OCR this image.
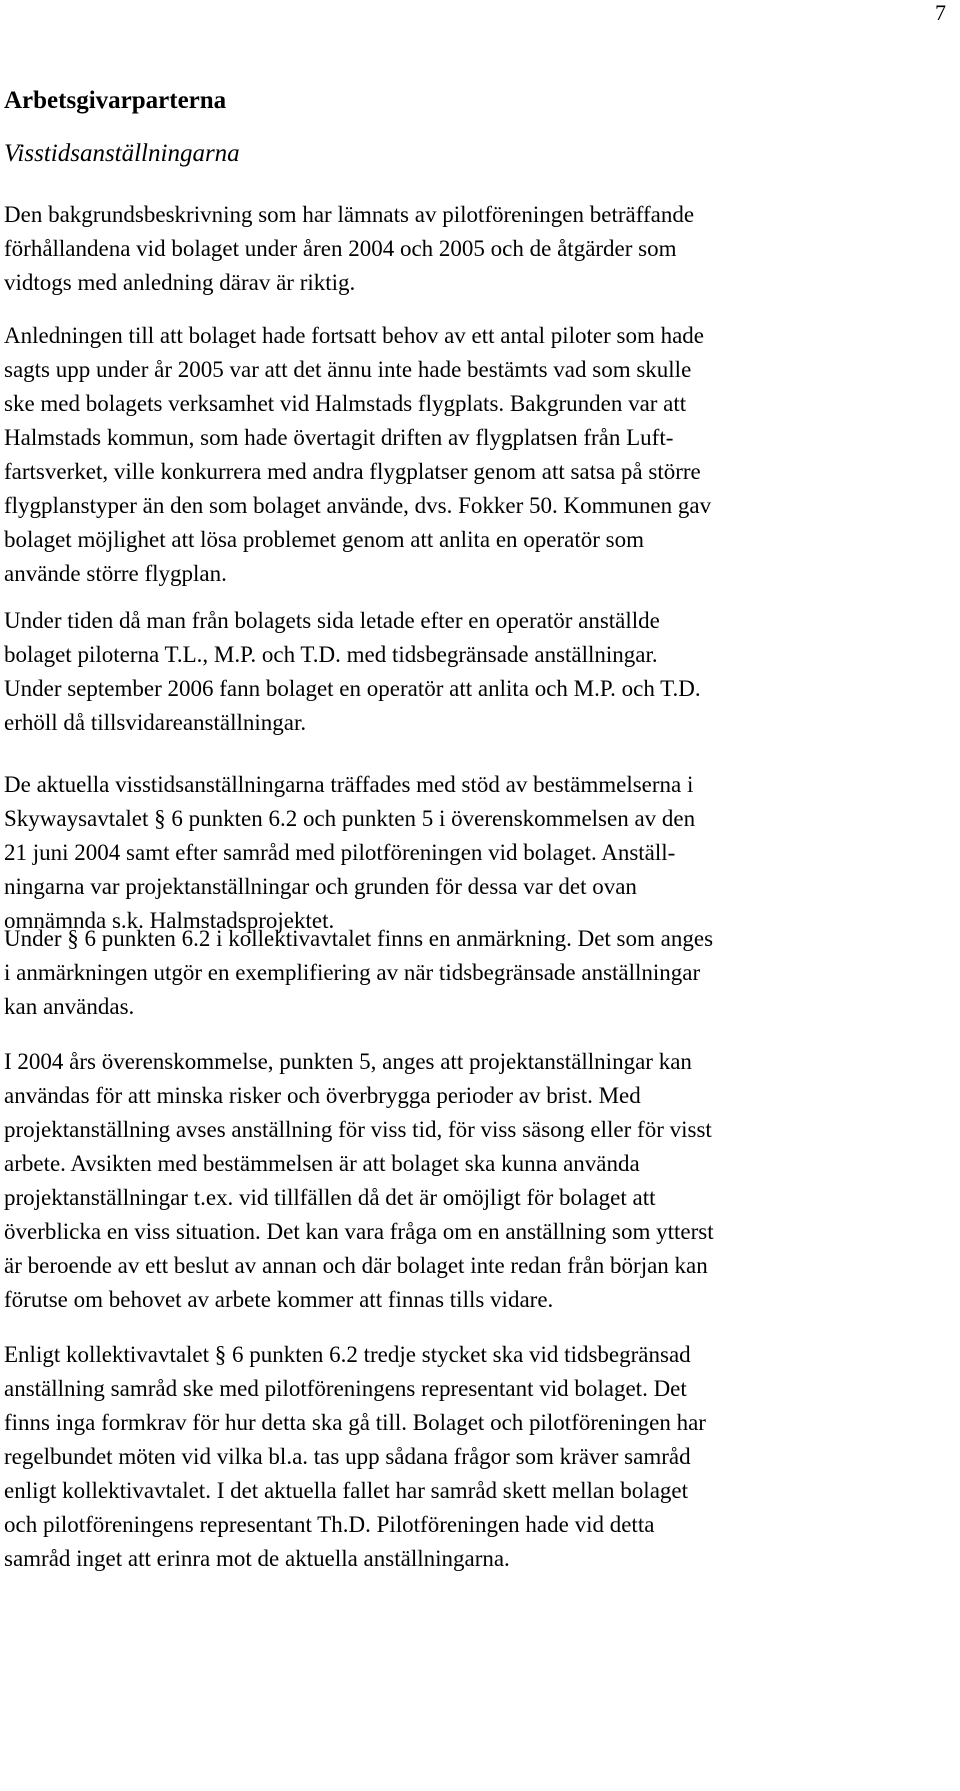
7
Arbetsgivarparterna
Visstidsanställningarna
Den bakgrundsbeskrivning som har lämnats av pilotföreningen beträffande
förhållandena vid bolaget under åren 2004 och 2005 och de åtgärder som
vidtogs med anledning därav är riktig.
Anledningen till att bolaget hade fortsatt behov av ett antal piloter som hade
sagts upp under år 2005 var att det ännu inte hade bestämts vad som skulle
ske med bolagets verksamhet vid Halmstads flygplats. Bakgrunden var att
Halmstads kommun, som hade övertagit driften av flygplatsen från Luft-
fartsverket, ville konkurrera med andra flygplatser genom att satsa på större
flygplanstyper än den som bolaget använde, dvs. Fokker 50. Kommunen gav
bolaget möjlighet att lösa problemet genom att anlita en operatör som
använde större flygplan.
Under tiden då man från bolagets sida letade efter en operatör anställde
bolaget piloterna T.L., M.P. och T.D. med tidsbegränsade anställningar.
Under september 2006 fann bolaget en operatör att anlita och M.P. och T.D.
erhöll då tillsvidareanställningar.
De aktuella visstidsanställningarna träffades med stöd av bestämmelserna i
Skywaysavtalet § 6 punkten 6.2 och punkten 5 i överenskommelsen av den
21 juni 2004 samt efter samråd med pilotföreningen vid bolaget. Anställ-
ningarna var projektanställningar och grunden för dessa var det ovan
omnämnda s.k. Halmstadsprojektet.
Under § 6 punkten 6.2 i kollektivavtalet finns en anmärkning. Det som anges
i anmärkningen utgör en exemplifiering av när tidsbegränsade anställningar
kan användas.
I 2004 års överenskommelse, punkten 5, anges att projektanställningar kan
användas för att minska risker och överbrygga perioder av brist. Med
projektanställning avses anställning för viss tid, för viss säsong eller för visst
arbete. Avsikten med bestämmelsen är att bolaget ska kunna använda
projektanställningar t.ex. vid tillfällen då det är omöjligt för bolaget att
överblicka en viss situation. Det kan vara fråga om en anställning som ytterst
är beroende av ett beslut av annan och där bolaget inte redan från början kan
förutse om behovet av arbete kommer att finnas tills vidare.
Enligt kollektivavtalet § 6 punkten 6.2 tredje stycket ska vid tidsbegränsad
anställning samråd ske med pilotföreningens representant vid bolaget. Det
finns inga formkrav för hur detta ska gå till. Bolaget och pilotföreningen har
regelbundet möten vid vilka bl.a. tas upp sådana frågor som kräver samråd
enligt kollektivavtalet. I det aktuella fallet har samråd skett mellan bolaget
och pilotföreningens representant Th.D. Pilotföreningen hade vid detta
samråd inget att erinra mot de aktuella anställningarna.
